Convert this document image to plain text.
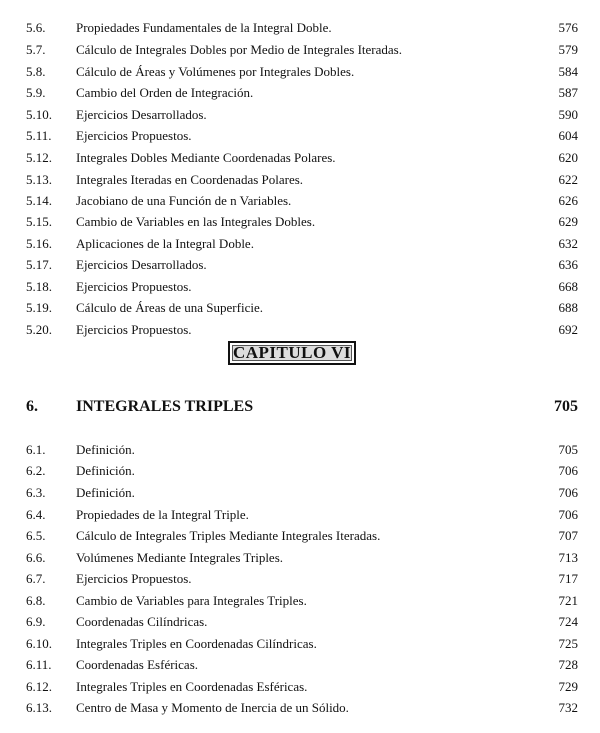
5.6. Propiedades Fundamentales de la Integral Doble.	576
5.7. Cálculo de Integrales Dobles por Medio de Integrales Iteradas.	579
5.8. Cálculo de Áreas y Volúmenes por Integrales Dobles.	584
5.9. Cambio del Orden de Integración.	587
5.10. Ejercicios Desarrollados.	590
5.11. Ejercicios Propuestos.	604
5.12. Integrales Dobles Mediante Coordenadas Polares.	620
5.13. Integrales Iteradas en Coordenadas Polares.	622
5.14. Jacobiano de una Función de n Variables.	626
5.15. Cambio de Variables en las Integrales Dobles.	629
5.16. Aplicaciones de la Integral Doble.	632
5.17. Ejercicios Desarrollados.	636
5.18. Ejercicios Propuestos.	668
5.19. Cálculo de Áreas de una Superficie.	688
5.20. Ejercicios Propuestos.	692
CAPITULO VI
6. INTEGRALES TRIPLES	705
6.1. Definición.	705
6.2. Definición.	706
6.3. Definición.	706
6.4. Propiedades de la Integral Triple.	706
6.5. Cálculo de Integrales Triples Mediante Integrales Iteradas.	707
6.6. Volúmenes Mediante Integrales Triples.	713
6.7. Ejercicios Propuestos.	717
6.8. Cambio de Variables para Integrales Triples.	721
6.9. Coordenadas Cilíndricas.	724
6.10. Integrales Triples en Coordenadas Cilíndricas.	725
6.11. Coordenadas Esféricas.	728
6.12. Integrales Triples en Coordenadas Esféricas.	729
6.13. Centro de Masa y Momento de Inercia de un Sólido.	732
